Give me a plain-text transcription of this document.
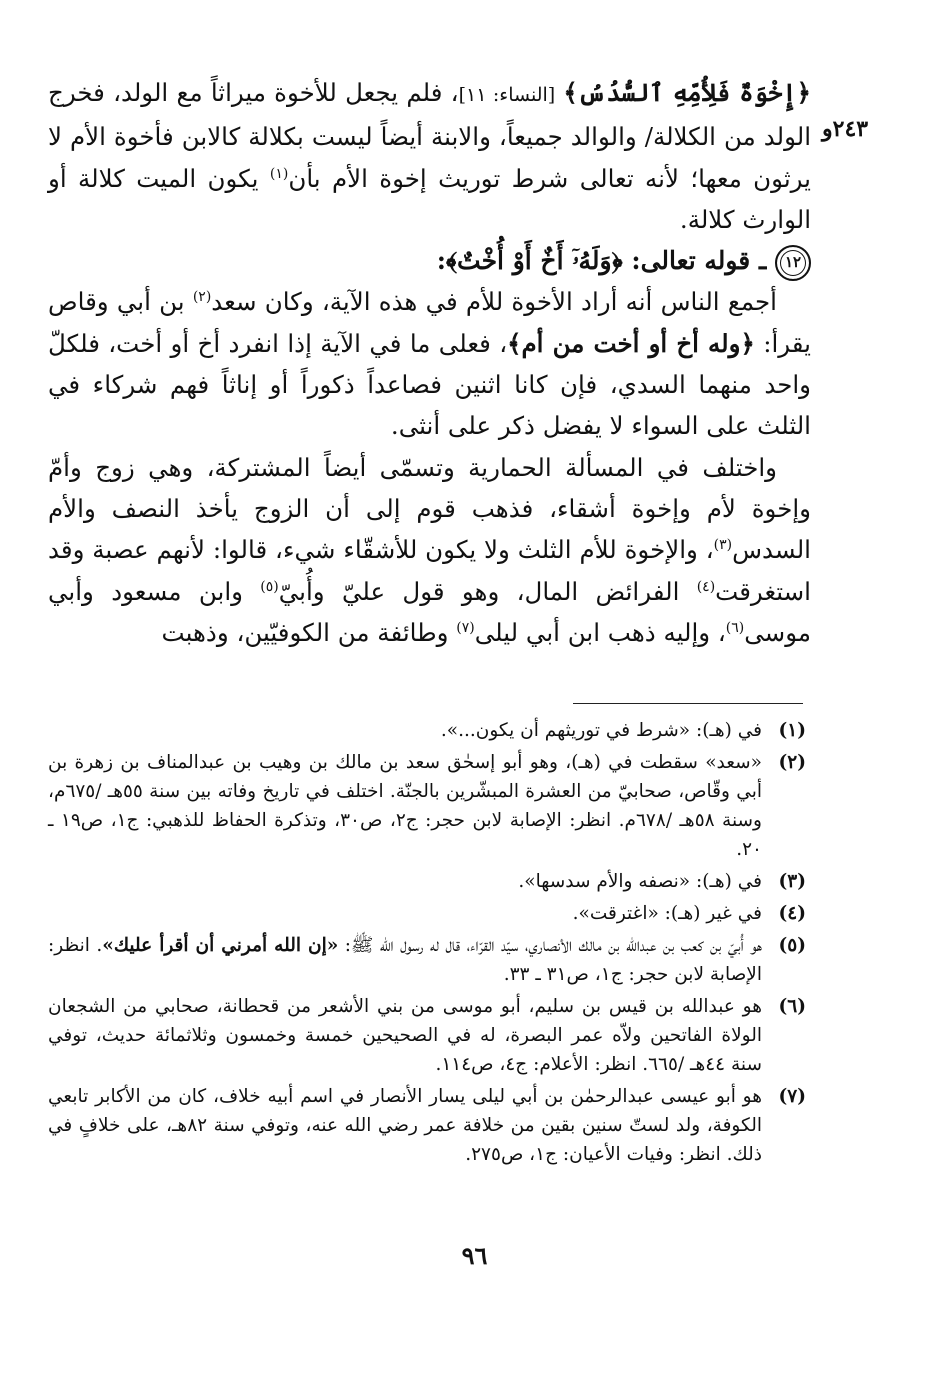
٢٤٣و

﴿إِخْوَةٌ فَلِأُمِّهِ ٱلسُّدُسُ﴾ [النساء: ١١]، فلم يجعل للأخوة ميراثاً مع الولد، فخرج الولد من الكلالة/ والوالد جميعاً، والابنة أيضاً ليست بكلالة كالابن فأخوة الأم لا يرثون معها؛ لأنه تعالى شرط توريث إخوة الأم بأن$^{(١)}$ يكون الميت كلالة أو الوارث كلالة.

١٢ ـ قوله تعالى: ﴿وَلَهُۥٓ أَخٌ أَوْ أُخْتٌ﴾:

أجمع الناس أنه أراد الأخوة للأم في هذه الآية، وكان سعد$^{(٢)}$ بن أبي وقاص يقرأ: ﴿وله أخ أو أخت من أم﴾، فعلى ما في الآية إذا انفرد أخ أو أخت، فلكلّ واحد منهما السدي، فإن كانا اثنين فصاعداً ذكوراً أو إناثاً فهم شركاء في الثلث على السواء لا يفضل ذكر على أنثى.

واختلف في المسألة الحمارية وتسمّى أيضاً المشتركة، وهي زوج وأمّ وإخوة لأم وإخوة أشقاء، فذهب قوم إلى أن الزوج يأخذ النصف والأم السدس$^{(٣)}$، والإخوة للأم الثلث ولا يكون للأشقّاء شيء، قالوا: لأنهم عصبة وقد استغرقت$^{(٤)}$ الفرائض المال، وهو قول عليّ وأُبيّ$^{(٥)}$ وابن مسعود وأبي موسى$^{(٦)}$، وإليه ذهب ابن أبي ليلى$^{(٧)}$ وطائفة من الكوفيّين، وذهبت

(١)
في (هـ): «شرط في توريثهم أن يكون...».
(٢)
«سعد» سقطت في (هـ)، وهو أبو إسحٰق سعد بن مالك بن وهيب بن عبدالمناف بن زهرة بن أبي وقّاص، صحابيّ من العشرة المبشّرين بالجنّة. اختلف في تاريخ وفاته بين سنة ٥٥هـ /٦٧٥م، وسنة ٥٨هـ /٦٧٨م. انظر: الإصابة لابن حجر: ج٢، ص٣٠، وتذكرة الحفاظ للذهبي: ج١، ص١٩ ـ ٢٠.
(٣)
في (هـ): «نصفه والأم سدسها».
(٤)
في غير (هـ): «اغترقت».
(٥)
هو أُبيّ بن كعب بن عبدالله بن مالك الأنصاري، سيّد القرّاء، قال له رسول الله ﷺ: «إن الله أمرني أن أقرأ عليك». انظر: الإصابة لابن حجر: ج١، ص٣١ ـ ٣٣.
(٦)
هو عبدالله بن قيس بن سليم، أبو موسى من بني الأشعر من قحطانة، صحابي من الشجعان الولاة الفاتحين ولاّه عمر البصرة، له في الصحيحين خمسة وخمسون وثلاثمائة حديث، توفي سنة ٤٤هـ /٦٦٥. انظر: الأعلام: ج٤، ص١١٤.
(٧)
هو أبو عيسى عبدالرحمٰن بن أبي ليلى يسار الأنصار في اسم أبيه خلاف، كان من الأكابر تابعي الكوفة، ولد لستّ سنين بقين من خلافة عمر رضي الله عنه، وتوفي سنة ٨٢هـ، على خلافٍ في ذلك. انظر: وفيات الأعيان: ج١، ص٢٧٥.
٩٦
